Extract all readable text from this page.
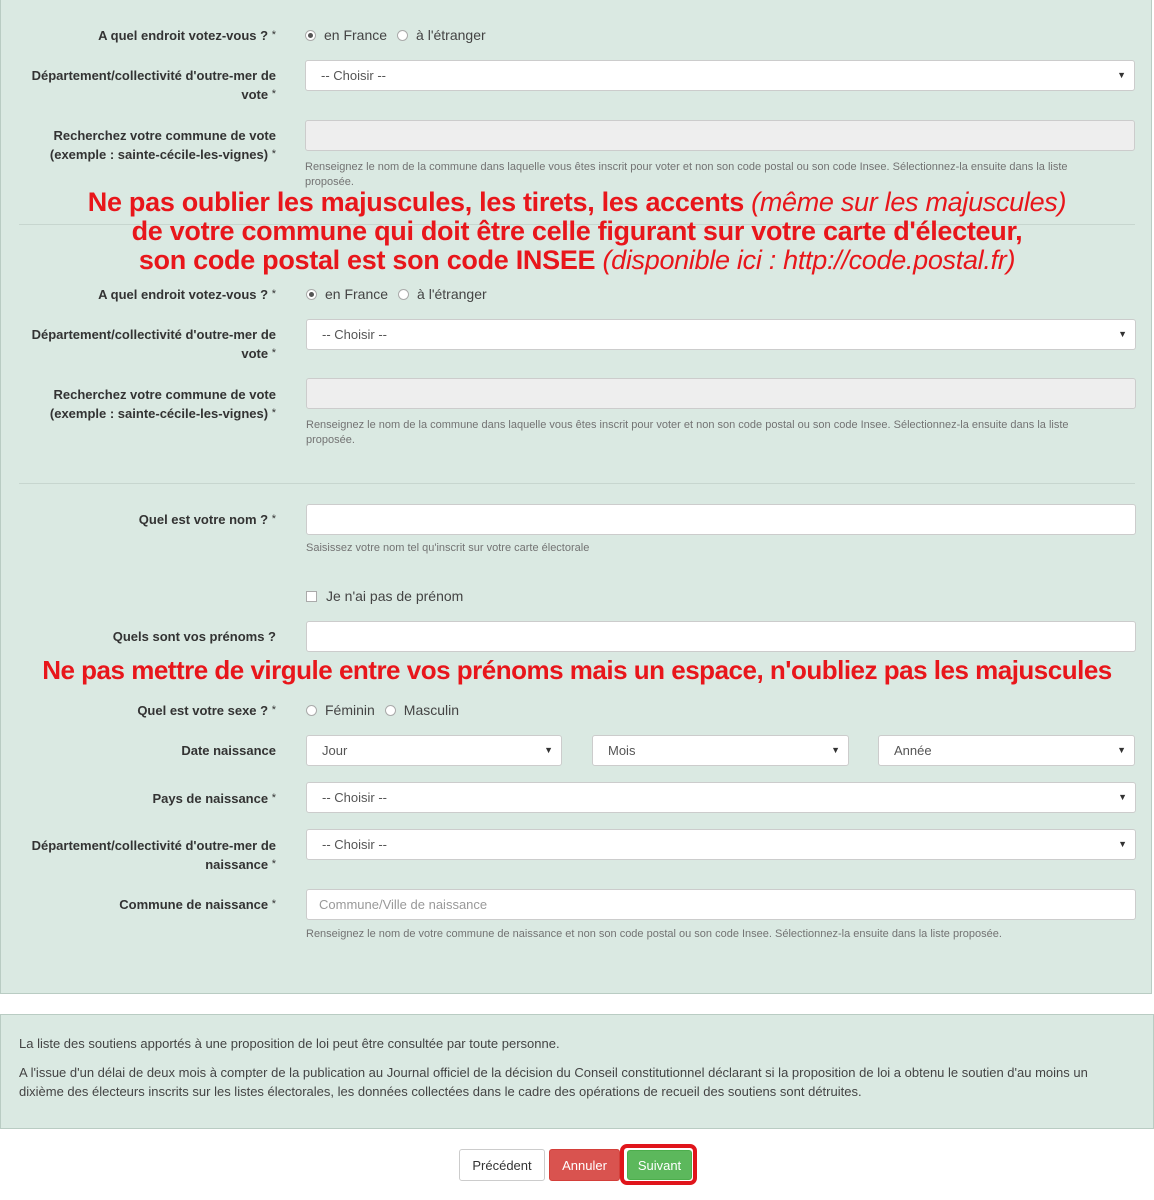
A quel endroit votez-vous ? *	en France à l'étranger
Département/collectivité d'outre-mer de
vote *
-- Choisir --	▼
Recherchez votre commune de vote
(exemple : sainte-cécile-les-vignes) *
Renseignez le nom de la commune dans laquelle vous êtes inscrit pour voter et non son code postal ou son code Insee. Sélectionnez-la ensuite dans la liste
proposée.
A quel endroit votez-vous ? *	en France à l'étranger
Département/collectivité d'outre-mer de
vote *
-- Choisir --	▼
Recherchez votre commune de vote
(exemple : sainte-cécile-les-vignes) *
Renseignez le nom de la commune dans laquelle vous êtes inscrit pour voter et non son code postal ou son code Insee. Sélectionnez-la ensuite dans la liste
proposée.
Quel est votre nom ? *
Saisissez votre nom tel qu'inscrit sur votre carte électorale
Je n'ai pas de prénom
Quels sont vos prénoms ?
Quel est votre sexe ? *	Féminin Masculin
Date naissance	Jour	▼	Mois	▼	Année	▼
Pays de naissance *	-- Choisir --	▼
Département/collectivité d'outre-mer de
naissance *
-- Choisir --	▼
Commune de naissance *	Commune/Ville de naissance
Renseignez le nom de votre commune de naissance et non son code postal ou son code Insee. Sélectionnez-la ensuite dans la liste proposée.
Ne pas oublier les majuscules, les tirets, les accents (même sur les majuscules)
de votre commune qui doit être celle figurant sur votre carte d'électeur,
son code postal est son code INSEE (disponible ici : http://code.postal.fr)
Ne pas mettre de virgule entre vos prénoms mais un espace, n'oubliez pas les majuscules
La liste des soutiens apportés à une proposition de loi peut être consultée par toute personne.
A l'issue d'un délai de deux mois à compter de la publication au Journal officiel de la décision du Conseil constitutionnel déclarant si la proposition de loi a obtenu le soutien d'au moins un
dixième des électeurs inscrits sur les listes électorales, les données collectées dans le cadre des opérations de recueil des soutiens sont détruites.
Précédent	Annuler	Suivant
